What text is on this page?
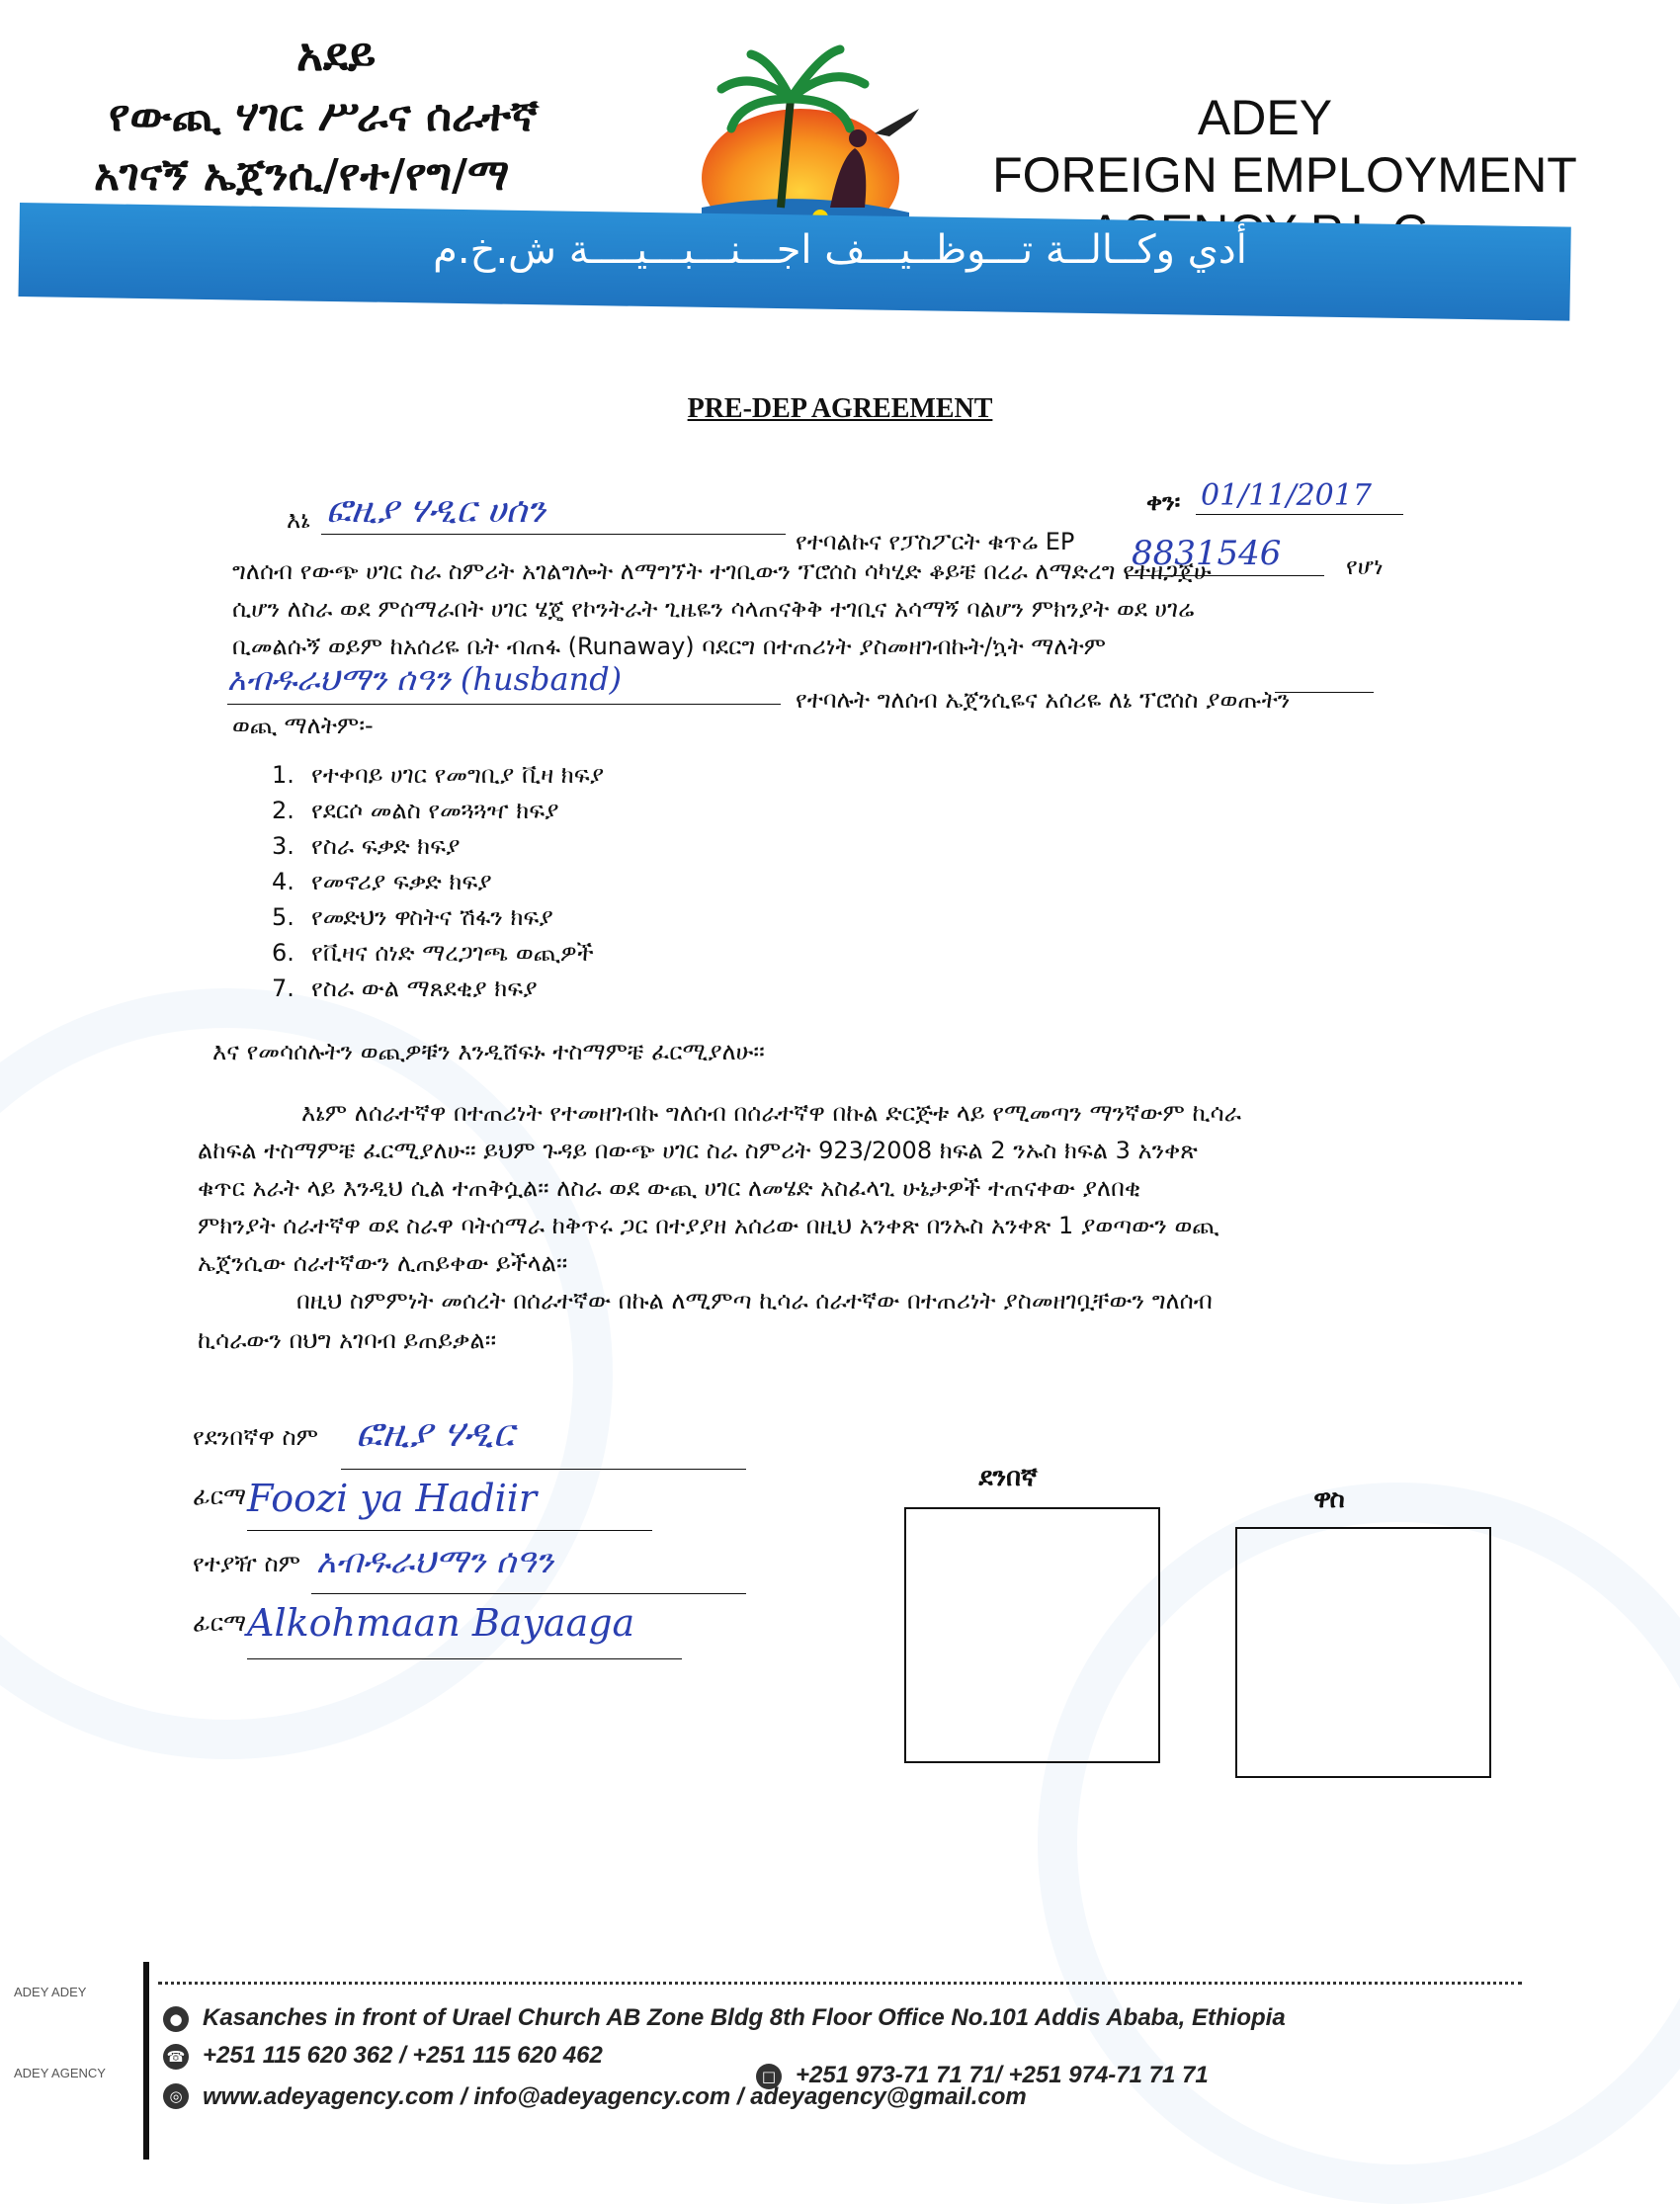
አደይ
የውጪ ሃገር ሥራና ሰራተኛ
አገናኝ ኤጀንሲ/የተ/የግ/ማ
ADEY
FOREIGN EMPLOYMENT
أدي وكــالــة تـــوظــيـــف اجـــنـــبـــيــــة ش.خ.م
PRE-DEP AGREEMENT
ቀን፡ 01/11/2017
እኔ ፎዚያ ሃዲር ሀሰን
የተባልኩና የፓስፖርት ቁጥሬ EP 8831546	የሆነ
ግለሰብ የውጭ ሀገር ስራ ስምሪት አገልግሎት ለማግኘት ተገቢውን ፕሮሰስ ሳካሂድ ቆይቼ በረራ ለማድረግ የተዘጋጀሁ
ሲሆን ለስራ ወደ ምሰማራበት ሀገር ሄጄ የኮንትራት ጊዜዬን ሳላጠናቅቅ ተገቢና አሳማኝ ባልሆን ምክንያት ወደ ሀገሬ
ቢመልሱኝ ወይም ከአሰሪዬ ቤት ብጠፋ (Runaway) ባደርግ በተጠሪነት ያስመዘገብኩት/ኳት ማለትም
አብዱራህማን ሰዓን (husband)
የተባሉት ግለሰብ ኤጀንሲዬና አሰሪዬ ለኔ ፕሮሰስ ያወጡትን
ወጪ ማለትም፡-
1. የተቀባይ ሀገር የመግቢያ ቪዛ ክፍያ
2. የደርሶ መልስ የመጓጓዣ ክፍያ
3. የስራ ፍቃድ ክፍያ
4. የመኖሪያ ፍቃድ ክፍያ
5. የመድህን ዋስትና ሽፋን ክፍያ
6. የቪዛና ሰነድ ማረጋገጫ ወጪዎች
7. የስራ ውል ማጸደቂያ ክፍያ
እና የመሳሰሉትን ወጪዎቹን እንዲሸፍኑ ተስማምቼ ፈርሚያለሁ፡፡
እኔም ለሰራተኛዋ በተጠሪነት የተመዘገብኩ ግለሰብ በሰራተኛዋ በኩል ድርጅቱ ላይ የሚመጣን ማንኛውም ኪሳራ
ልከፍል ተስማምቼ ፈርሚያለሁ፡፡ ይህም ጉዳይ በውጭ ሀገር ስራ ስምሪት 923/2008 ክፍል 2 ንኡስ ክፍል 3 አንቀጽ
ቁጥር አራት ላይ እንዲህ ሲል ተጠቅሷል፡፡ ለስራ ወደ ውጪ ሀገር ለመሄድ አስፈላጊ ሁኔታዎች ተጠናቀው ያለበቂ
ምክንያት ሰራተኛዋ ወደ ስራዋ ባትሰማራ ከቅጥሩ ጋር በተያያዘ አሰሪው በዚህ አንቀጽ በንኡስ አንቀጽ 1 ያወጣውን ወጪ
ኤጀንሲው ሰራተኛውን ሊጠይቀው ይችላል፡፡
በዚህ ስምምነት መሰረት በሰራተኛው በኩል ለሚምጣ ኪሳራ ሰራተኛው በተጠሪነት ያስመዘገቧቸውን ግለሰብ
ኪሳራውን በህግ አገባብ ይጠይቃል፡፡
የደንበኛዋ ስም ፎዚያ ሃዲር
ፊርማ Foozi ya Hadiir
የተያዥ ስም አብዱራህማን ሰዓን
ፊርማ Alkohmaan Bayaaga
ደንበኛ
ዋስ
ADEY ADEY
ADEY AGENCY
● Kasanches in front of Urael Church AB Zone Bldg 8th Floor Office No.101 Addis Ababa, Ethiopia
☎ +251 115 620 362 / +251 115 620 462
□ +251 973-71 71 71/ +251 974-71 71 71
◎ www.adeyagency.com / info@adeyagency.com / adeyagency@gmail.com
